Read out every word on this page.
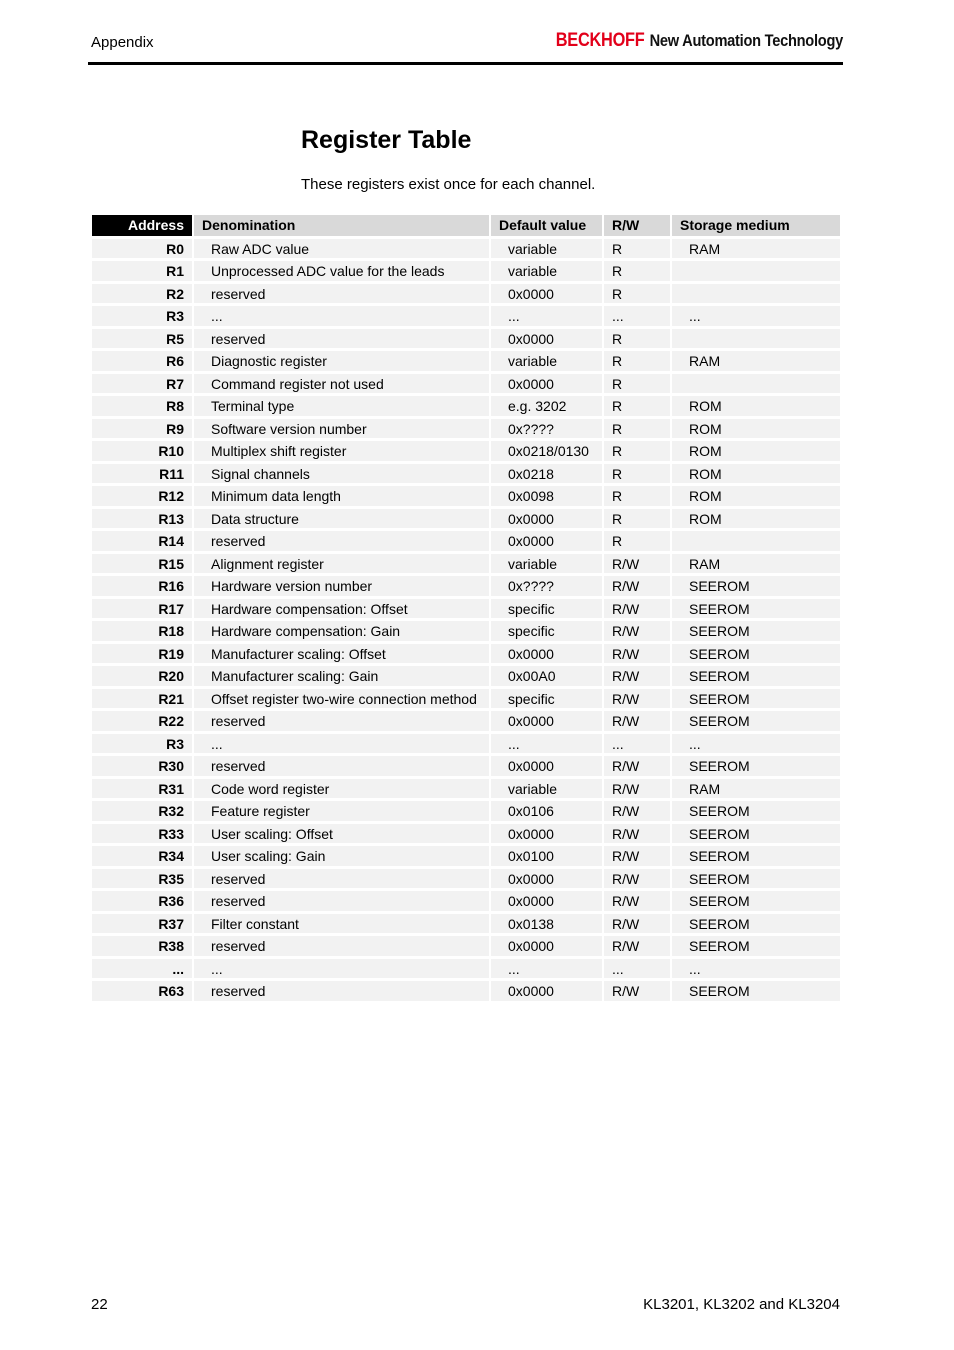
Appendix	BECKHOFF New Automation Technology
Register Table

These registers exist once for each channel.

Address	Denomination	Default value	R/W	Storage medium
R0	Raw ADC value	variable	R	RAM
R1	Unprocessed ADC value for the leads	variable	R	
R2	reserved	0x0000	R	
R3	...	...	...	...
R5	reserved	0x0000	R	
R6	Diagnostic register	variable	R	RAM
R7	Command register not used	0x0000	R	
R8	Terminal type	e.g. 3202	R	ROM
R9	Software version number	0x????	R	ROM
R10	Multiplex shift register	0x0218/0130	R	ROM
R11	Signal channels	0x0218	R	ROM
R12	Minimum data length	0x0098	R	ROM
R13	Data structure	0x0000	R	ROM
R14	reserved	0x0000	R	
R15	Alignment register	variable	R/W	RAM
R16	Hardware version number	0x????	R/W	SEEROM
R17	Hardware compensation: Offset	specific	R/W	SEEROM
R18	Hardware compensation: Gain	specific	R/W	SEEROM
R19	Manufacturer scaling: Offset	0x0000	R/W	SEEROM
R20	Manufacturer scaling: Gain	0x00A0	R/W	SEEROM
R21	Offset register two-wire connection method	specific	R/W	SEEROM
R22	reserved	0x0000	R/W	SEEROM
R3	...	...	...	...
R30	reserved	0x0000	R/W	SEEROM
R31	Code word register	variable	R/W	RAM
R32	Feature register	0x0106	R/W	SEEROM
R33	User scaling: Offset	0x0000	R/W	SEEROM
R34	User scaling: Gain	0x0100	R/W	SEEROM
R35	reserved	0x0000	R/W	SEEROM
R36	reserved	0x0000	R/W	SEEROM
R37	Filter constant	0x0138	R/W	SEEROM
R38	reserved	0x0000	R/W	SEEROM
...	...	...	...	...
R63	reserved	0x0000	R/W	SEEROM
22	KL3201, KL3202 and KL3204
